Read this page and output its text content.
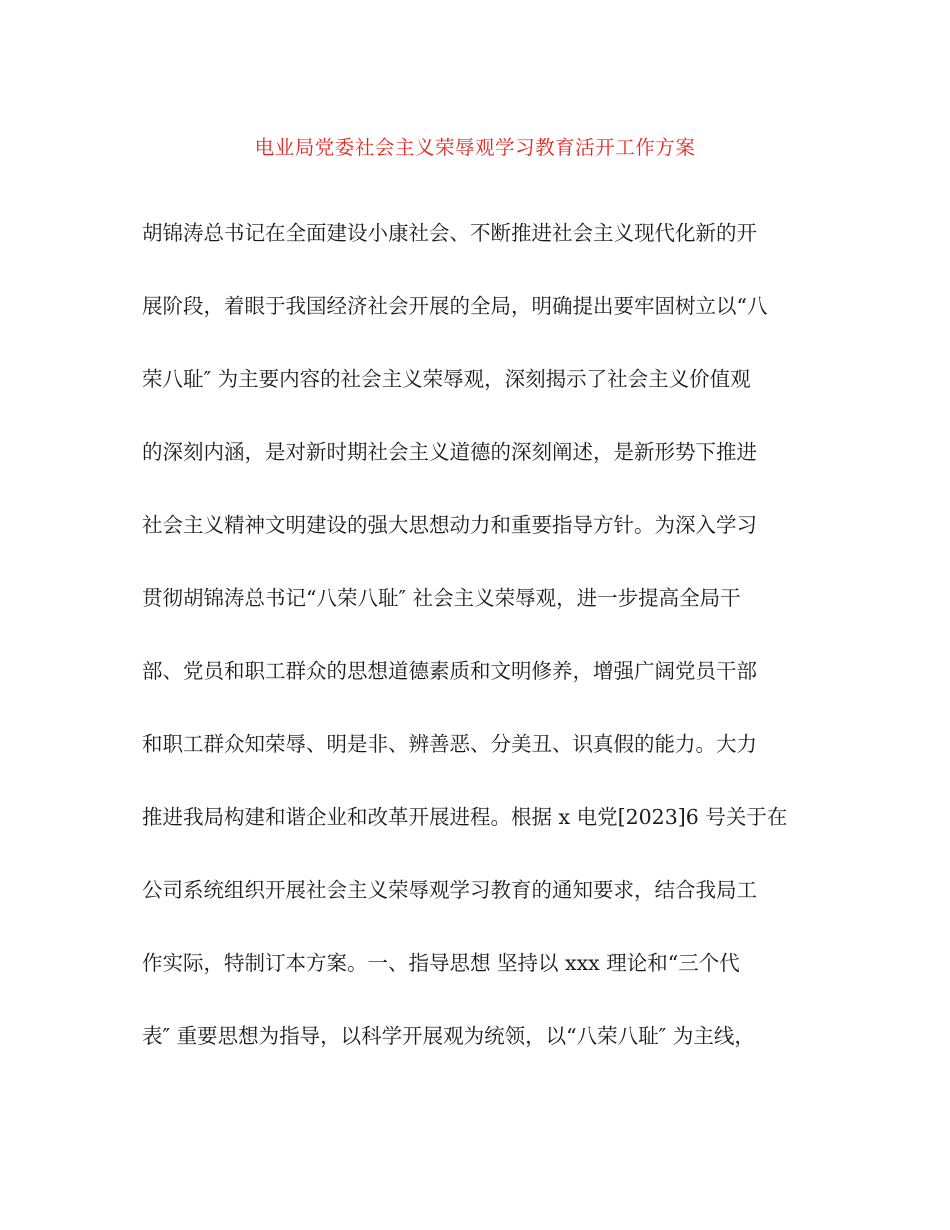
电业局党委社会主义荣辱观学习教育活开工作方案
胡锦涛总书记在全面建设小康社会、不断推进社会主义现代化新的开
展阶段，着眼于我国经济社会开展的全局，明确提出要牢固树立以“八
荣八耻″ 为主要内容的社会主义荣辱观，深刻揭示了社会主义价值观
的深刻内涵，是对新时期社会主义道德的深刻阐述，是新形势下推进
社会主义精神文明建设的强大思想动力和重要指导方针。为深入学习
贯彻胡锦涛总书记“八荣八耻″ 社会主义荣辱观，进一步提高全局干
部、党员和职工群众的思想道德素质和文明修养，增强广阔党员干部
和职工群众知荣辱、明是非、辨善恶、分美丑、识真假的能力。大力
推进我局构建和谐企业和改革开展进程。根据 x 电党[2023]6 号关于在
公司系统组织开展社会主义荣辱观学习教育的通知要求，结合我局工
作实际，特制订本方案。一、指导思想 坚持以 xxx 理论和“三个代
表″ 重要思想为指导，以科学开展观为统领，以“八荣八耻″ 为主线，
